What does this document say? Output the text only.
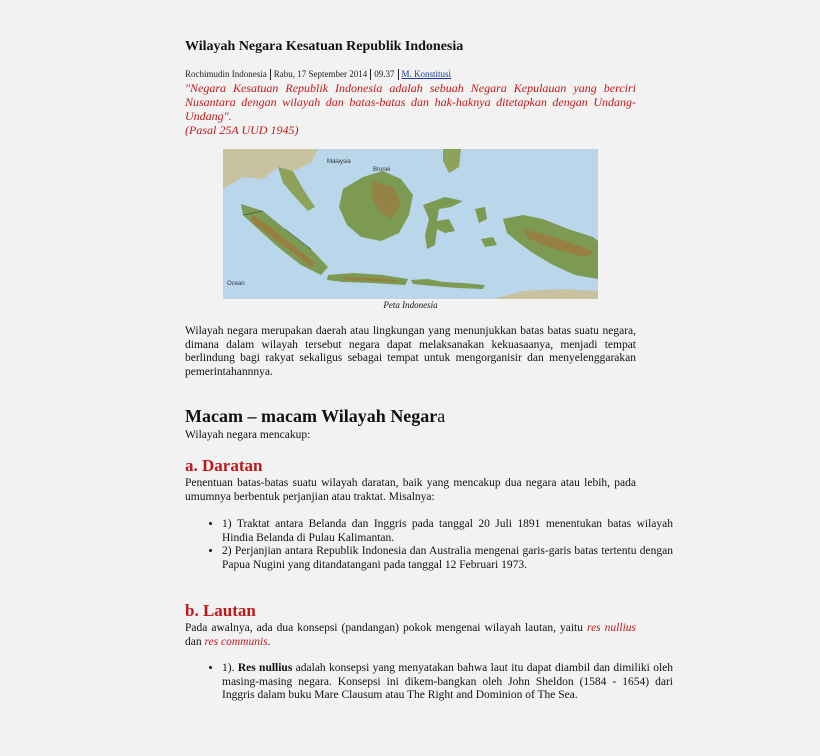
Wilayah Negara Kesatuan Republik Indonesia
Rochimudin Indonesia Rabu, 17 September 2014 09.37 M. Konstitusi
"Negara Kesatuan Republik Indonesia adalah sebuah Negara Kepulauan yang berciri Nusantara dengan wilayah dan batas-batas dan hak-haknya ditetapkan dengan Undang-Undang".
(Pasal 25A UUD 1945)
Malaysia
Brunei
Ocean
Peta Indonesia
Wilayah negara merupakan daerah atau lingkungan yang menunjukkan batas batas suatu negara, dimana dalam wilayah tersebut negara dapat melaksanakan kekuasaanya, menjadi tempat berlindung bagi rakyat sekaligus sebagai tempat untuk mengorganisir dan menyelenggarakan pemerintahannnya.
Macam – macam Wilayah Negara
Wilayah negara mencakup:
a. Daratan
Penentuan batas-batas suatu wilayah daratan, baik yang mencakup dua negara atau lebih, pada umumnya berbentuk perjanjian atau traktat. Misalnya:
• 1) Traktat antara Belanda dan Inggris pada tanggal 20 Juli 1891 menentukan batas wilayah Hindia Belanda di Pulau Kalimantan.
• 2) Perjanjian antara Republik Indonesia dan Australia mengenai garis-garis batas tertentu dengan Papua Nugini yang ditandatangani pada tanggal 12 Februari 1973.
b. Lautan
Pada awalnya, ada dua konsepsi (pandangan) pokok mengenai wilayah lautan, yaitu res nullius dan res communis.
• 1). Res nullius adalah konsepsi yang menyatakan bahwa laut itu dapat diambil dan dimiliki oleh masing-masing negara. Konsepsi ini dikem-bangkan oleh John Sheldon (1584 - 1654) dari Inggris dalam buku Mare Clausum atau The Right and Dominion of The Sea.
